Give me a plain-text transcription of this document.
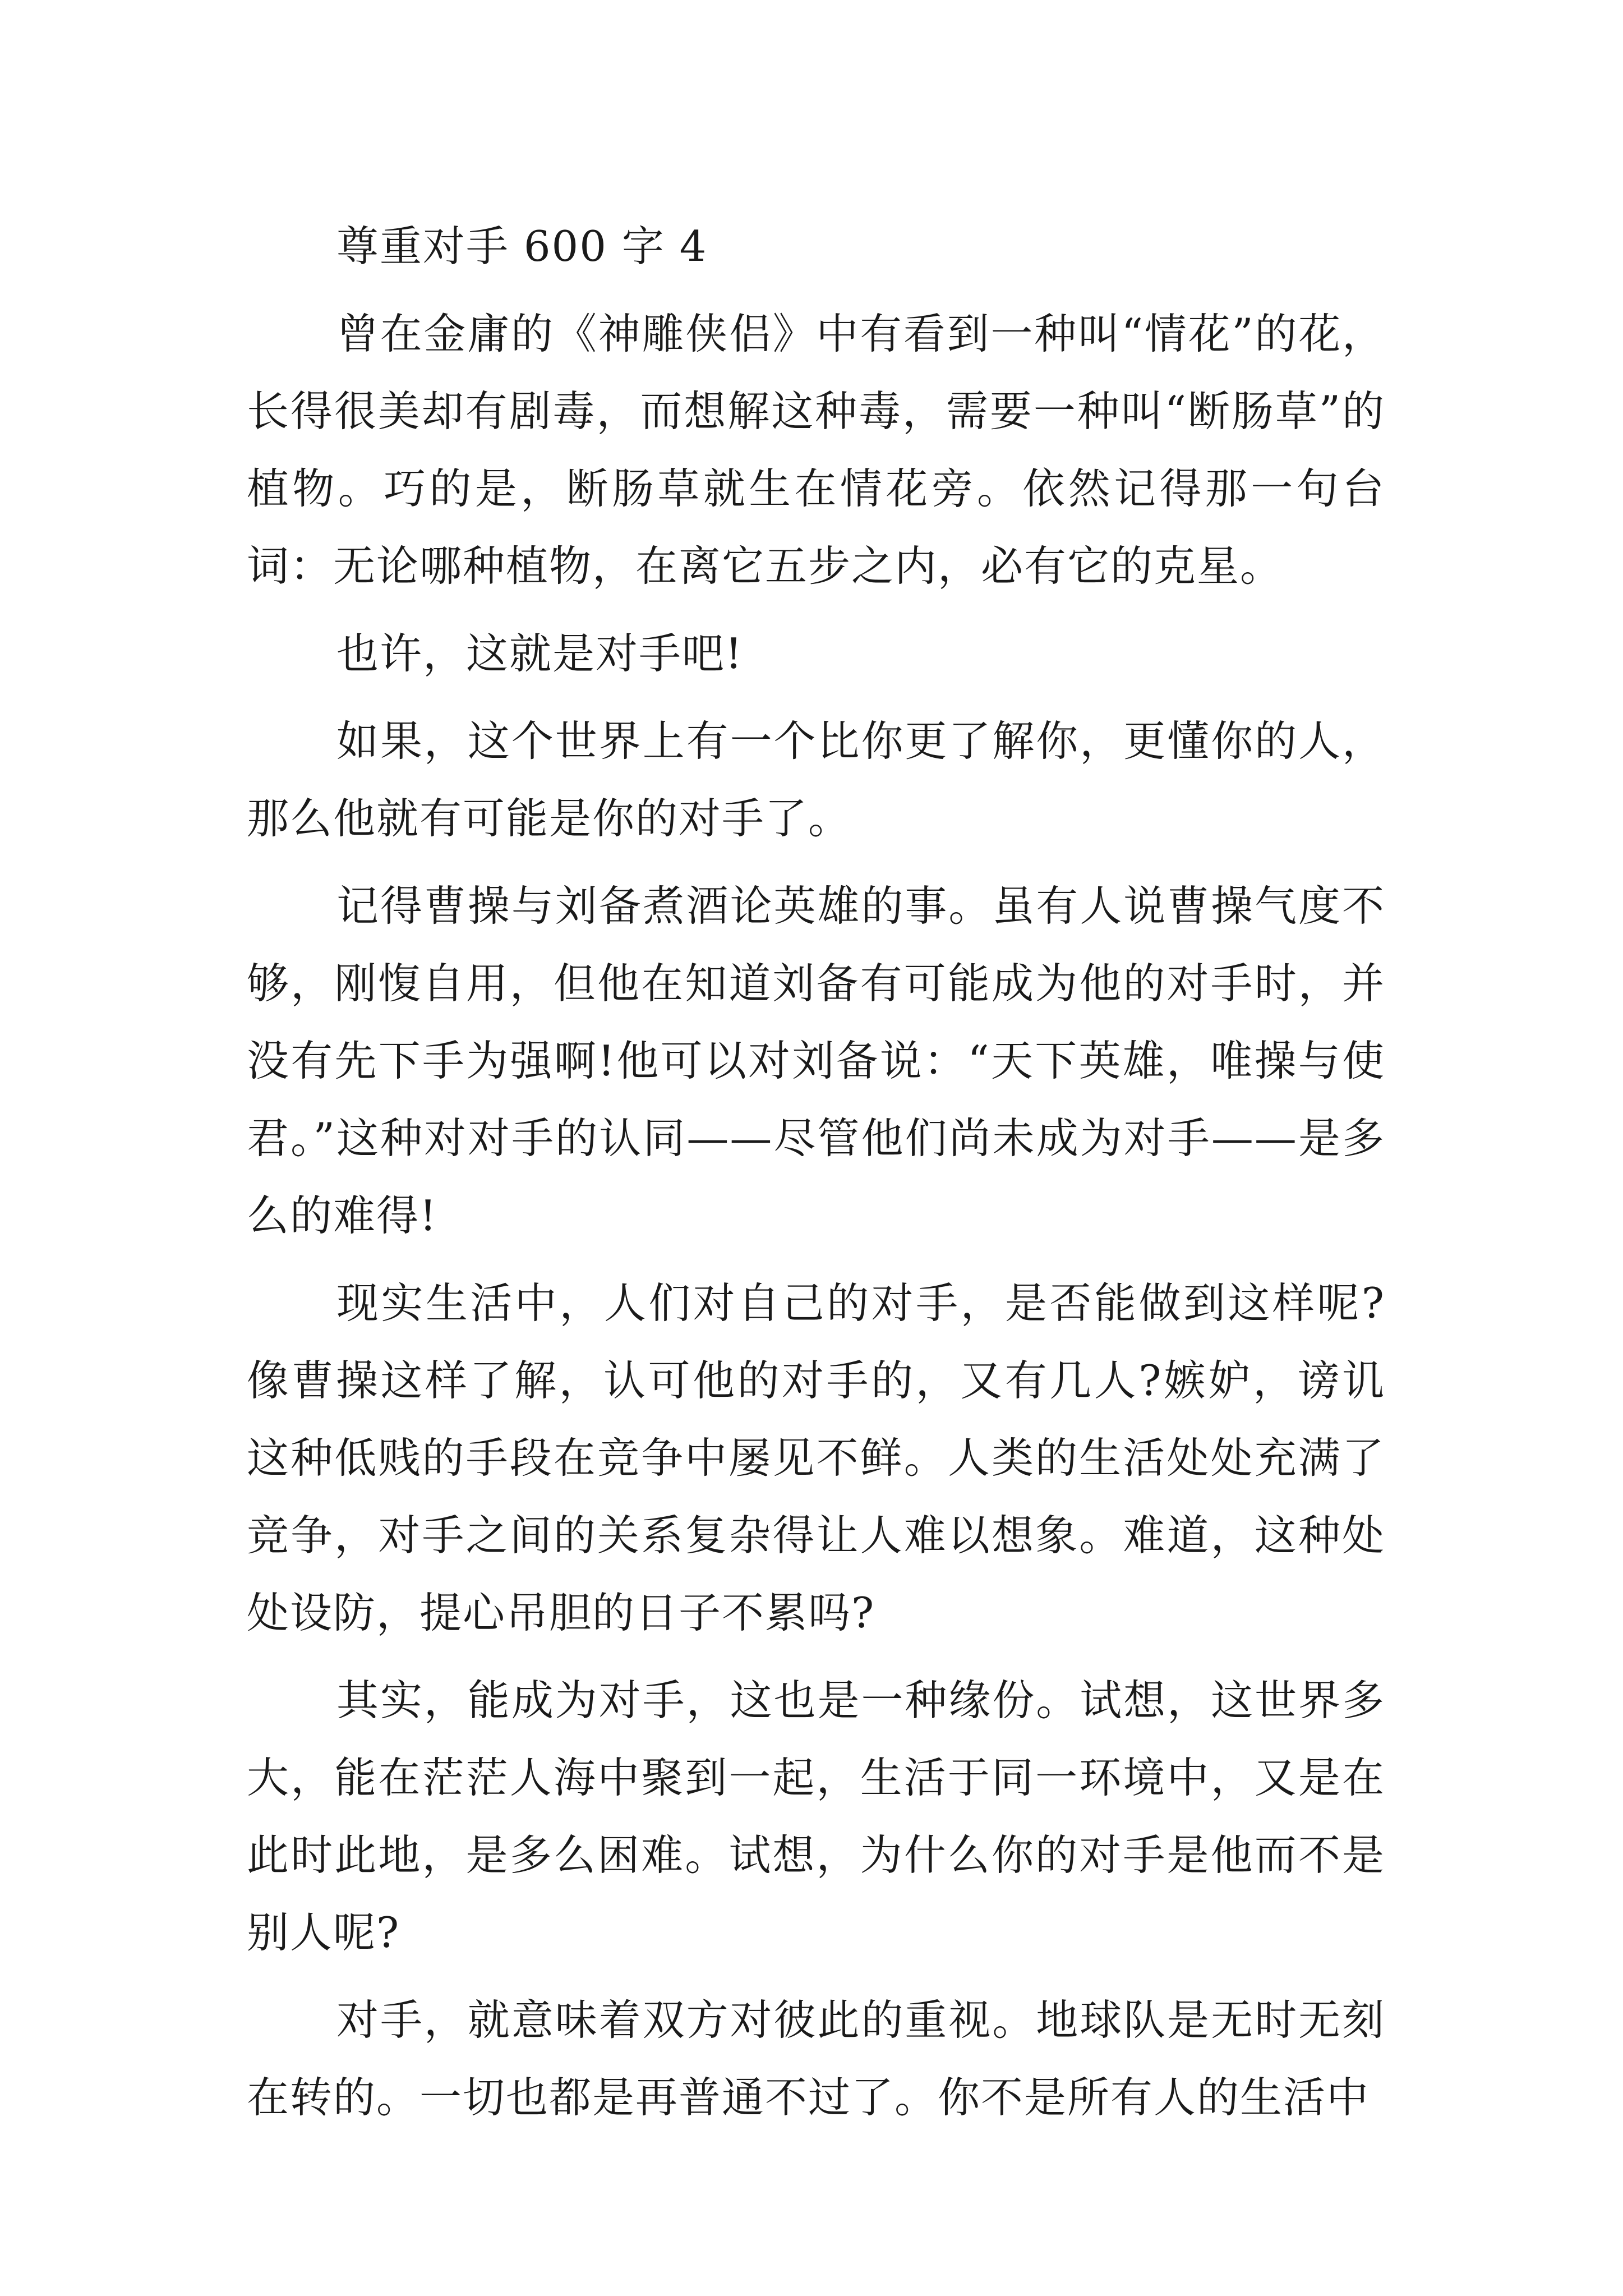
尊重对手 600 字 4

曾在金庸的《神雕侠侣》中有看到一种叫“情花”的花，长得很美却有剧毒，而想解这种毒，需要一种叫“断肠草”的植物。巧的是，断肠草就生在情花旁。依然记得那一句台词：无论哪种植物，在离它五步之内，必有它的克星。

也许，这就是对手吧!

如果，这个世界上有一个比你更了解你，更懂你的人，那么他就有可能是你的对手了。

记得曹操与刘备煮酒论英雄的事。虽有人说曹操气度不够，刚愎自用，但他在知道刘备有可能成为他的对手时，并没有先下手为强啊!他可以对刘备说：“天下英雄，唯操与使君。”这种对对手的认同——尽管他们尚未成为对手——是多么的难得!

现实生活中，人们对自己的对手，是否能做到这样呢?像曹操这样了解，认可他的对手的，又有几人?嫉妒，谤讥这种低贱的手段在竞争中屡见不鲜。人类的生活处处充满了竞争，对手之间的关系复杂得让人难以想象。难道，这种处处设防，提心吊胆的日子不累吗?

其实，能成为对手，这也是一种缘份。试想，这世界多大，能在茫茫人海中聚到一起，生活于同一环境中，又是在此时此地，是多么困难。试想，为什么你的对手是他而不是别人呢?

对手，就意味着双方对彼此的重视。地球队是无时无刻在转的。一切也都是再普通不过了。你不是所有人的生活中
